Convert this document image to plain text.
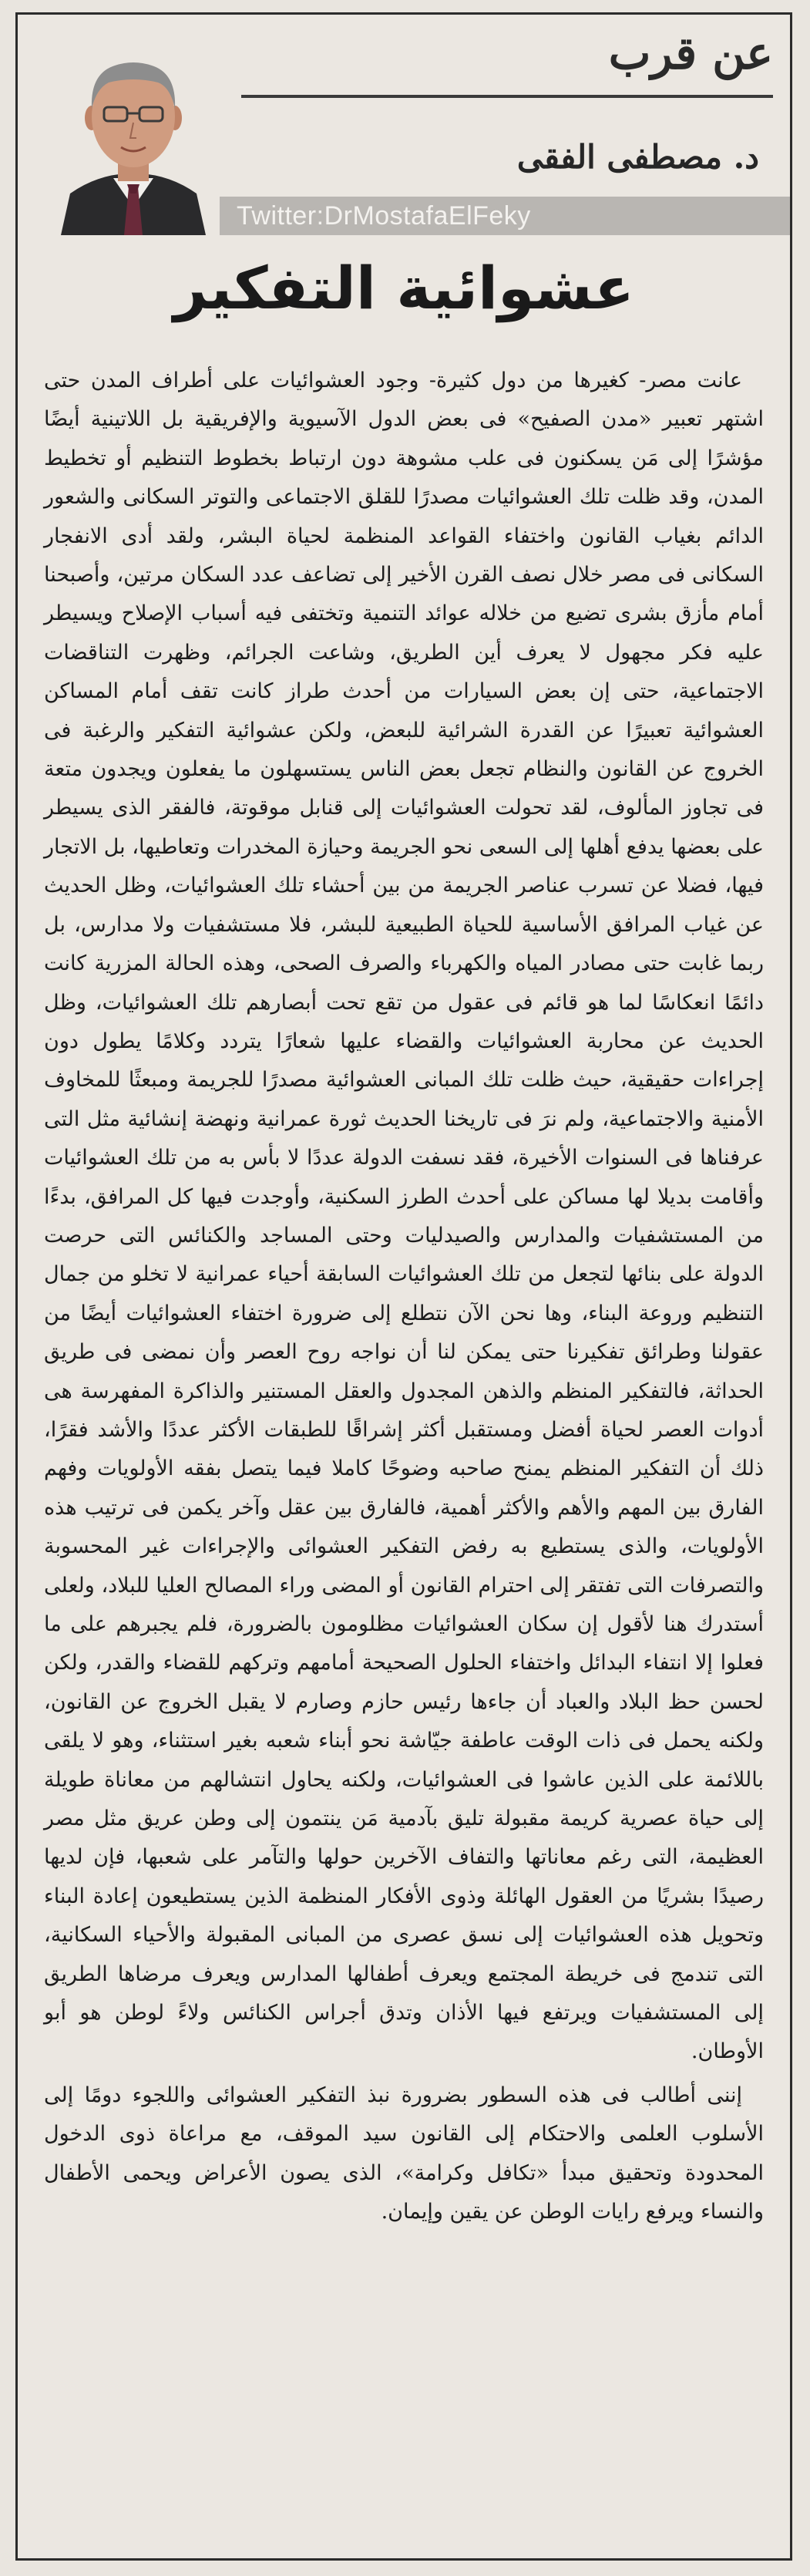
عن قرب
د. مصطفى الفقى
Twitter:DrMostafaElFeky
عشوائية التفكير

عانت مصر- كغيرها من دول كثيرة- وجود العشوائيات على أطراف المدن حتى اشتهر تعبير «مدن الصفيح» فى بعض الدول الآسيوية والإفريقية بل اللاتينية أيضًا مؤشرًا إلى مَن يسكنون فى علب مشوهة دون ارتباط بخطوط التنظيم أو تخطيط المدن، وقد ظلت تلك العشوائيات مصدرًا للقلق الاجتماعى والتوتر السكانى والشعور الدائم بغياب القانون واختفاء القواعد المنظمة لحياة البشر، ولقد أدى الانفجار السكانى فى مصر خلال نصف القرن الأخير إلى تضاعف عدد السكان مرتين، وأصبحنا أمام مأزق بشرى تضيع من خلاله عوائد التنمية وتختفى فيه أسباب الإصلاح ويسيطر عليه فكر مجهول لا يعرف أين الطريق، وشاعت الجرائم، وظهرت التناقضات الاجتماعية، حتى إن بعض السيارات من أحدث طراز كانت تقف أمام المساكن العشوائية تعبيرًا عن القدرة الشرائية للبعض، ولكن عشوائية التفكير والرغبة فى الخروج عن القانون والنظام تجعل بعض الناس يستسهلون ما يفعلون ويجدون متعة فى تجاوز المألوف، لقد تحولت العشوائيات إلى قنابل موقوتة، فالفقر الذى يسيطر على بعضها يدفع أهلها إلى السعى نحو الجريمة وحيازة المخدرات وتعاطيها، بل الاتجار فيها، فضلا عن تسرب عناصر الجريمة من بين أحشاء تلك العشوائيات، وظل الحديث عن غياب المرافق الأساسية للحياة الطبيعية للبشر، فلا مستشفيات ولا مدارس، بل ربما غابت حتى مصادر المياه والكهرباء والصرف الصحى، وهذه الحالة المزرية كانت دائمًا انعكاسًا لما هو قائم فى عقول من تقع تحت أبصارهم تلك العشوائيات، وظل الحديث عن محاربة العشوائيات والقضاء عليها شعارًا يتردد وكلامًا يطول دون إجراءات حقيقية، حيث ظلت تلك المبانى العشوائية مصدرًا للجريمة ومبعثًا للمخاوف الأمنية والاجتماعية، ولم نرَ فى تاريخنا الحديث ثورة عمرانية ونهضة إنشائية مثل التى عرفناها فى السنوات الأخيرة، فقد نسفت الدولة عددًا لا بأس به من تلك العشوائيات وأقامت بديلا لها مساكن على أحدث الطرز السكنية، وأوجدت فيها كل المرافق، بدءًا من المستشفيات والمدارس والصيدليات وحتى المساجد والكنائس التى حرصت الدولة على بنائها لتجعل من تلك العشوائيات السابقة أحياء عمرانية لا تخلو من جمال التنظيم وروعة البناء، وها نحن الآن نتطلع إلى ضرورة اختفاء العشوائيات أيضًا من عقولنا وطرائق تفكيرنا حتى يمكن لنا أن نواجه روح العصر وأن نمضى فى طريق الحداثة، فالتفكير المنظم والذهن المجدول والعقل المستنير والذاكرة المفهرسة هى أدوات العصر لحياة أفضل ومستقبل أكثر إشراقًا للطبقات الأكثر عددًا والأشد فقرًا، ذلك أن التفكير المنظم يمنح صاحبه وضوحًا كاملا فيما يتصل بفقه الأولويات وفهم الفارق بين المهم والأهم والأكثر أهمية، فالفارق بين عقل وآخر يكمن فى ترتيب هذه الأولويات، والذى يستطيع به رفض التفكير العشوائى والإجراءات غير المحسوبة والتصرفات التى تفتقر إلى احترام القانون أو المضى وراء المصالح العليا للبلاد، ولعلى أستدرك هنا لأقول إن سكان العشوائيات مظلومون بالضرورة، فلم يجبرهم على ما فعلوا إلا انتفاء البدائل واختفاء الحلول الصحيحة أمامهم وتركهم للقضاء والقدر، ولكن لحسن حظ البلاد والعباد أن جاءها رئيس حازم وصارم لا يقبل الخروج عن القانون، ولكنه يحمل فى ذات الوقت عاطفة جيّاشة نحو أبناء شعبه بغير استثناء، وهو لا يلقى باللائمة على الذين عاشوا فى العشوائيات، ولكنه يحاول انتشالهم من معاناة طويلة إلى حياة عصرية كريمة مقبولة تليق بآدمية مَن ينتمون إلى وطن عريق مثل مصر العظيمة، التى رغم معاناتها والتفاف الآخرين حولها والتآمر على شعبها، فإن لديها رصيدًا بشريًا من العقول الهائلة وذوى الأفكار المنظمة الذين يستطيعون إعادة البناء وتحويل هذه العشوائيات إلى نسق عصرى من المبانى المقبولة والأحياء السكانية، التى تندمج فى خريطة المجتمع ويعرف أطفالها المدارس ويعرف مرضاها الطريق إلى المستشفيات ويرتفع فيها الأذان وتدق أجراس الكنائس ولاءً لوطن هو أبو الأوطان.

إننى أطالب فى هذه السطور بضرورة نبذ التفكير العشوائى واللجوء دومًا إلى الأسلوب العلمى والاحتكام إلى القانون سيد الموقف، مع مراعاة ذوى الدخول المحدودة وتحقيق مبدأ «تكافل وكرامة»، الذى يصون الأعراض ويحمى الأطفال والنساء ويرفع رايات الوطن عن يقين وإيمان.
